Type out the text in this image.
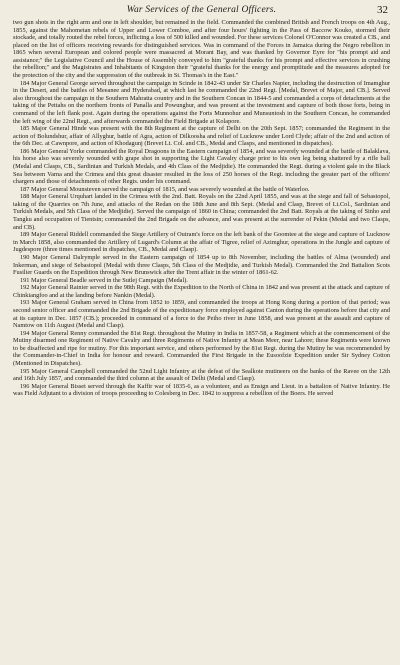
War Services of the General Officers.	32

two gun shots in the right arm and one in left shoulder, but remained in the field. Commanded the combined British and French troops on 4th Aug., 1855, against the Mahometan rebels of Upper and Lower Comboe, and after four hours' fighting in the Pass of Baccow Kouko, stormed their stockade, and totally routed the rebel forces, inflicting a loss of 500 killed and wounded. For these services Colonel O'Connor was created a CB., and placed on the list of officers receiving rewards for distinguished services. Was in command of the Forces in Jamaica during the Negro rebellion in 1865 when several European and colored people were massacred at Morant Bay, and was thanked by Governor Eyre for "his prompt aid and assistance;" the Legislative Council and the House of Assembly conveyed to him "grateful thanks for his prompt and effective services in crushing the rebellion;" and the Magistrates and Inhabitants of Kingston their "grateful thanks for the energy and promptitude and the measures adopted for the protection of the city and the suppression of the outbreak in St. Thomas's in the East."

184 Major General George served throughout the campaign in Scinde in 1842-43 under Sir Charles Napier, including the destruction of Imamghur in the Desert, and the battles of Meeanee and Hyderabad, at which last he commanded the 22nd Regt. [Medal, Brevet of Major, and CB.]. Served also throughout the campaign in the Southern Mahratta country and in the Southern Concan in 1844-5 and commanded a corps of detachments at the taking of the Pettahs on the northern fronts of Panalla and Powunghur, and was present at the investment and capture of both those forts, being in command of the left flank post. Again during the operations against the Forts Munnohur and Munsuntosh in the Southern Concan, he commanded the left wing of the 22nd Regt., and afterwards commanded the Field Brigade at Kolapore.

185 Major General Hinde was present with the 8th Regiment at the capture of Delhi on the 20th Sept. 1857; commanded the Regiment in the action of Bolundshur, affair of Allyghur, battle of Agra, action of Dilkoosha and relief of Lucknow under Lord Clyde; affair of the 2nd and action of the 6th Dec. at Cawnpore, and action of Khodagunj (Brevet Lt. Col. and CB., Medal and Clasps, and mentioned in dispatches).

186 Major General Yorke commanded the Royal Dragoons in the Eastern campaign of 1854, and was severely wounded at the battle of Balaklava, his horse also was severely wounded with grape shot in supporting the Light Cavalry charge prior to his own leg being shattered by a rifle ball (Medal and Clasps, CB., Sardinian and Turkish Medals, and 4th Class of the Medjidie). He commanded the Regt. during a violent gale in the Black Sea between Varna and the Crimea and this great disaster resulted in the loss of 250 horses of the Regt. including the greater part of the officers' chargers and those of detachments of other Regts. under his command.

187 Major General Mounsteven served the campaign of 1815, and was severely wounded at the battle of Waterloo.

188 Major General Urquhart landed in the Crimea with the 2nd. Batt. Royals on the 22nd April 1855, and was at the siege and fall of Sebastopol, taking of the Quarries on 7th June, and attacks of the Redan on the 18th June and 8th Sept. (Medal and Clasp, Brevet of Lt.Col., Sardinian and Turkish Medals, and 5th Class of the Medjidie). Served the campaign of 1860 in China; commanded the 2nd Batt. Royals at the taking of Sinho and Tangku and occupation of Tientsin; commanded the 2nd Brigade on the advance, and was present at the surrender of Pekin (Medal and two Clasps, and CB).

189 Major General Riddell commanded the Siege Artillery of Outram's force on the left bank of the Goomtee at the siege and capture of Lucknow in March 1858, also commanded the Artillery of Lugard's Column at the affair of Tigree, relief of Azimghur, operations in the Jungle and capture of Jugdespore (three times mentioned in dispatches, CB., Medal and Clasp).

190 Major General Dalrymple served in the Eastern campaign of 1854 up to 8th November, including the battles of Alma (wounded) and Inkerman, and siege of Sebastopol (Medal with three Clasps, 5th Class of the Medjidie, and Turkish Medal). Commanded the 2nd Battalion Scots Fusilier Guards on the Expedition through New Brunswick after the Trent affair in the winter of 1861-62.

191 Major General Beadle served in the Sutlej Campaign (Medal).

192 Major General Rainier served in the 98th Regt. with the Expedition to the North of China in 1842 and was present at the attack and capture of Chinkiangfoo and at the landing before Nankin (Medal).

193 Major General Graham served in China from 1852 to 1859, and commanded the troops at Hong Kong during a portion of that period; was second senior officer and commanded the 2nd Brigade of the expeditionary force employed against Canton during the operations before that city and at its capture in Dec. 1857 (CB.); proceeded in command of a force to the Peiho river in June 1858, and was present at the assault and capture of Namtow on 11th August (Medal and Clasp).

194 Major General Renny commanded the 81st Regt. throughout the Mutiny in India in 1857-58, a Regiment which at the commencement of the Mutiny disarmed one Regiment of Native Cavalry and three Regiments of Native Infantry at Mean Meer, near Lahore; these Regiments were known to be disaffected and ripe for mutiny. For this important service, and others performed by the 81st Regt. during the Mutiny he was recommended by the Commander-in-Chief in India for honour and reward. Commanded the First Brigade in the Eusoofzie Expedition under Sir Sydney Cotton (Mentioned in Dispatches).

195 Major General Campbell commanded the 52nd Light Infantry at the defeat of the Sealkote mutineers on the banks of the Ravee on the 12th and 16th July 1857, and commanded the third column at the assault of Delhi (Medal and Clasp).

196 Major General Bisset served through the Kaffir war of 1835-6, as a volunteer, and as Ensign and Lieut. in a battalion of Native Infantry. He was Field Adjutant to a division of troops proceeding to Colesberg in Dec. 1842 to suppress a rebellion of the Boers. He served
